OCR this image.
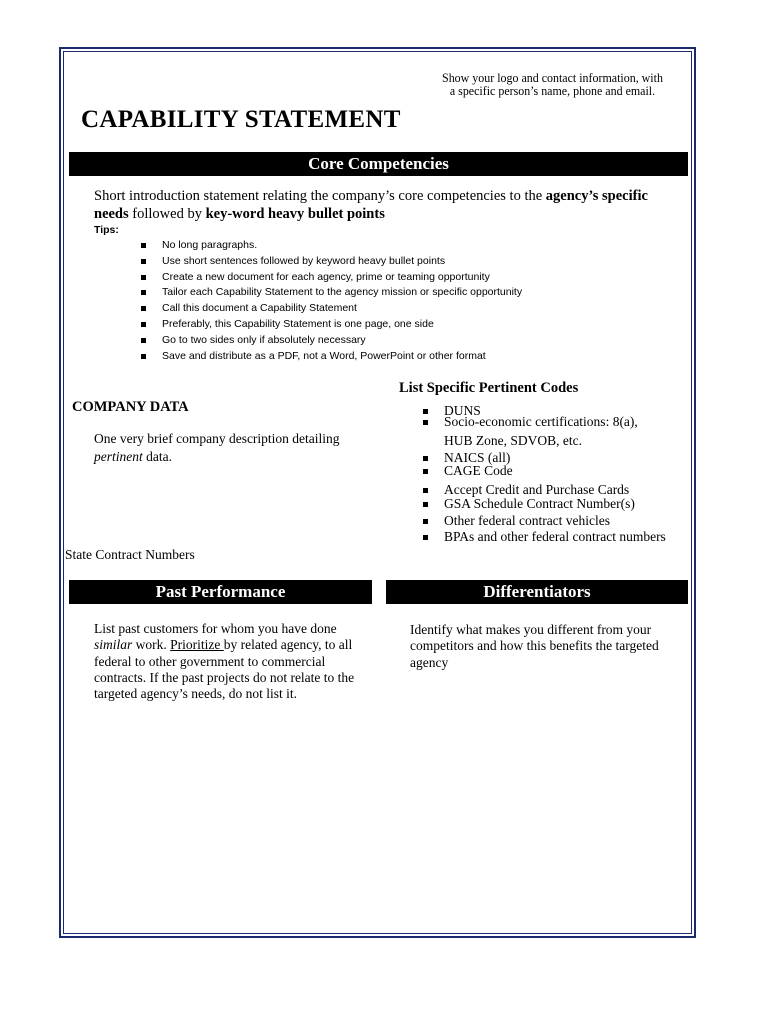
Show your logo and contact information, with
a specific person’s name, phone and email.
CAPABILITY STATEMENT
Core Competencies
Short introduction statement relating the company’s core competencies to the agency’s specific needs followed by key-word heavy bullet points
Tips:
No long paragraphs.
Use short sentences followed by keyword heavy bullet points
Create a new document for each agency, prime or teaming opportunity
Tailor each Capability Statement to the agency mission or specific opportunity
Call this document a Capability Statement
Preferably, this Capability Statement is one page, one side
Go to two sides only if absolutely necessary
Save and distribute as a PDF, not a Word, PowerPoint or other format
List Specific Pertinent Codes
DUNS
Socio-economic certifications: 8(a),
HUB Zone, SDVOB, etc.
NAICS (all)
CAGE Code
Accept Credit and Purchase Cards
GSA Schedule Contract Number(s)
Other federal contract vehicles
BPAs and other federal contract numbers
COMPANY DATA
One very brief company description detailing pertinent data.
State Contract Numbers
Past Performance	Differentiators
List past customers for whom you have done similar work. Prioritize by related agency, to all federal to other government to commercial contracts. If the past projects do not relate to the targeted agency’s needs, do not list it.
Identify what makes you different from your competitors and how this benefits the targeted agency
